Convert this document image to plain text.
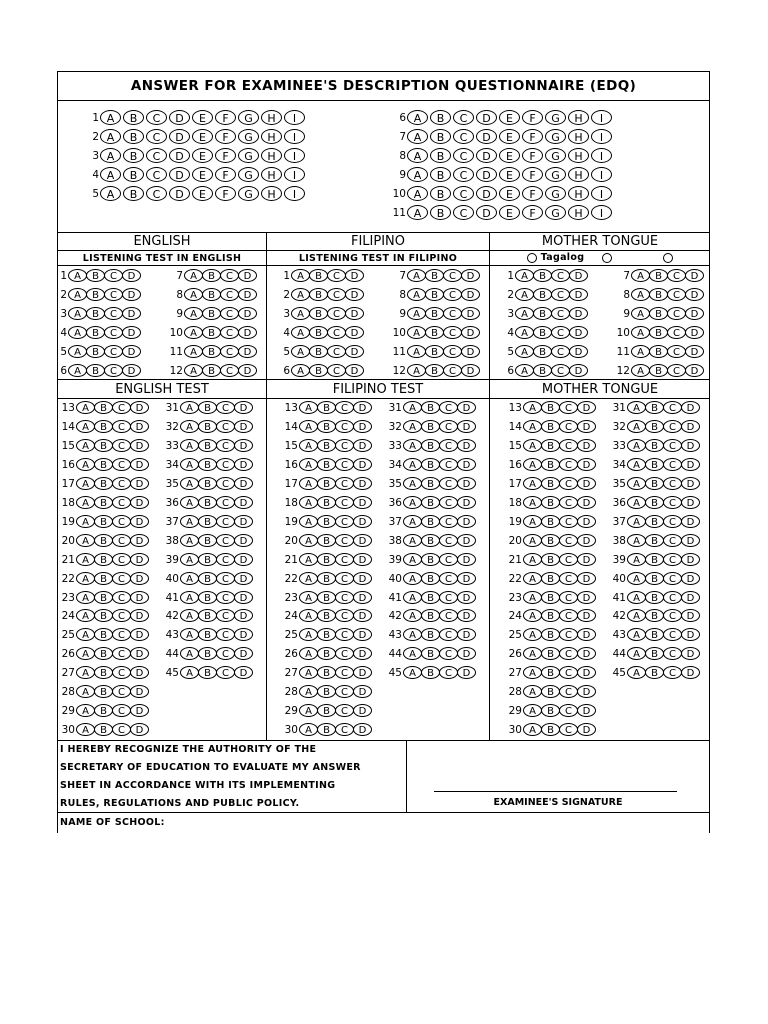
ANSWER FOR EXAMINEE'S DESCRIPTION QUESTIONNAIRE (EDQ)
1 A B C D E F G H I
2 A B C D E F G H I
3 A B C D E F G H I
4 A B C D E F G H I
5 A B C D E F G H I
6 A B C D E F G H I
7 A B C D E F G H I
8 A B C D E F G H I
9 A B C D E F G H I
10 A B C D E F G H I
11 A B C D E F G H I
ENGLISH	FILIPINO	MOTHER TONGUE
LISTENING TEST IN ENGLISH	LISTENING TEST IN FILIPINO	Tagalog
1 A B C D
2 A B C D
3 A B C D
4 A B C D
5 A B C D
6 A B C D
7 A B C D
8 A B C D
9 A B C D
10 A B C D
11 A B C D
12 A B C D
1 A B C D
2 A B C D
3 A B C D
4 A B C D
5 A B C D
6 A B C D
7 A B C D
8 A B C D
9 A B C D
10 A B C D
11 A B C D
12 A B C D
1 A B C D
2 A B C D
3 A B C D
4 A B C D
5 A B C D
6 A B C D
7 A B C D
8 A B C D
9 A B C D
10 A B C D
11 A B C D
12 A B C D
ENGLISH TEST	FILIPINO TEST	MOTHER TONGUE
13 A B C D
14 A B C D
15 A B C D
16 A B C D
17 A B C D
18 A B C D
19 A B C D
20 A B C D
21 A B C D
22 A B C D
23 A B C D
24 A B C D
25 A B C D
26 A B C D
27 A B C D
28 A B C D
29 A B C D
30 A B C D
31 A B C D
32 A B C D
33 A B C D
34 A B C D
35 A B C D
36 A B C D
37 A B C D
38 A B C D
39 A B C D
40 A B C D
41 A B C D
42 A B C D
43 A B C D
44 A B C D
45 A B C D
13 A B C D
14 A B C D
15 A B C D
16 A B C D
17 A B C D
18 A B C D
19 A B C D
20 A B C D
21 A B C D
22 A B C D
23 A B C D
24 A B C D
25 A B C D
26 A B C D
27 A B C D
28 A B C D
29 A B C D
30 A B C D
31 A B C D
32 A B C D
33 A B C D
34 A B C D
35 A B C D
36 A B C D
37 A B C D
38 A B C D
39 A B C D
40 A B C D
41 A B C D
42 A B C D
43 A B C D
44 A B C D
45 A B C D
13 A B C D
14 A B C D
15 A B C D
16 A B C D
17 A B C D
18 A B C D
19 A B C D
20 A B C D
21 A B C D
22 A B C D
23 A B C D
24 A B C D
25 A B C D
26 A B C D
27 A B C D
28 A B C D
29 A B C D
30 A B C D
31 A B C D
32 A B C D
33 A B C D
34 A B C D
35 A B C D
36 A B C D
37 A B C D
38 A B C D
39 A B C D
40 A B C D
41 A B C D
42 A B C D
43 A B C D
44 A B C D
45 A B C D
I HEREBY RECOGNIZE THE AUTHORITY OF THE
SECRETARY OF EDUCATION TO EVALUATE MY ANSWER
SHEET IN ACCORDANCE WITH ITS IMPLEMENTING
RULES, REGULATIONS AND PUBLIC POLICY.	EXAMINEE'S SIGNATURE
NAME OF SCHOOL:
